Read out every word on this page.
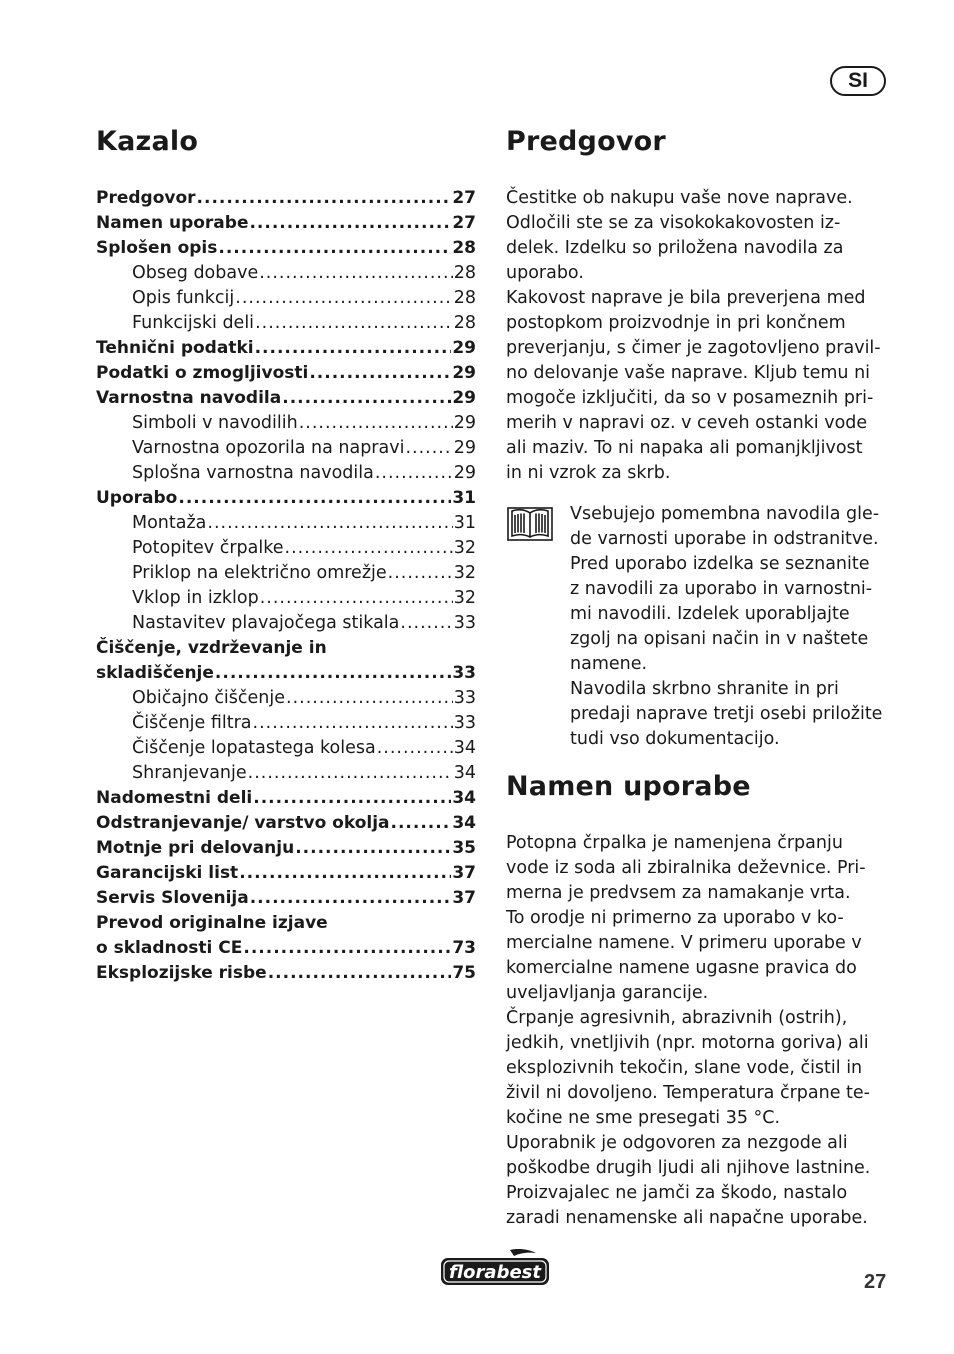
SI
Kazalo
Predgovor .....	27
Namen uporabe .....	27
Splošen opis .....	28
Obseg dobave .....	28
Opis funkcij .....	28
Funkcijski deli .....	28
Tehnični podatki .....	29
Podatki o zmogljivosti .....	29
Varnostna navodila .....	29
Simboli v navodilih .....	29
Varnostna opozorila na napravi .....	29
Splošna varnostna navodila .....	29
Uporabo .....	31
Montaža .....	31
Potopitev črpalke .....	32
Priklop na električno omrežje .....	32
Vklop in izklop .....	32
Nastavitev plavajočega stikala .....	33
Čiščenje, vzdrževanje in
skladiščenje .....	33
Običajno čiščenje .....	33
Čiščenje filtra .....	33
Čiščenje lopatastega kolesa .....	34
Shranjevanje .....	34
Nadomestni deli .....	34
Odstranjevanje/ varstvo okolja .....	34
Motnje pri delovanju .....	35
Garancijski list .....	37
Servis Slovenija .....	37
Prevod originalne izjave
o skladnosti CE .....	73
Eksplozijske risbe .....	75
Predgovor
Čestitke ob nakupu vaše nove naprave.
Odločili ste se za visokokakovosten iz-
delek. Izdelku so priložena navodila za
uporabo.
Kakovost naprave je bila preverjena med
postopkom proizvodnje in pri končnem
preverjanju, s čimer je zagotovljeno pravil-
no delovanje vaše naprave. Kljub temu ni
mogoče izključiti, da so v posameznih pri-
merih v napravi oz. v ceveh ostanki vode
ali maziv. To ni napaka ali pomanjkljivost
in ni vzrok za skrb.
Vsebujejo pomembna navodila gle-
de varnosti uporabe in odstranitve.
Pred uporabo izdelka se seznanite
z navodili za uporabo in varnostni-
mi navodili. Izdelek uporabljajte
zgolj na opisani način in v naštete
namene.
Navodila skrbno shranite in pri
predaji naprave tretji osebi priložite
tudi vso dokumentacijo.
Namen uporabe
Potopna črpalka je namenjena črpanju
vode iz soda ali zbiralnika deževnice. Pri-
merna je predvsem za namakanje vrta.
To orodje ni primerno za uporabo v ko-
mercialne namene. V primeru uporabe v
komercialne namene ugasne pravica do
uveljavljanja garancije.
Črpanje agresivnih, abrazivnih (ostrih),
jedkih, vnetljivih (npr. motorna goriva) ali
eksplozivnih tekočin, slane vode, čistil in
živil ni dovoljeno. Temperatura črpane te-
kočine ne sme presegati 35 °C.
Uporabnik je odgovoren za nezgode ali
poškodbe drugih ljudi ali njihove lastnine.
Proizvajalec ne jamči za škodo, nastalo
zaradi nenamenske ali napačne uporabe.
florabest	27
